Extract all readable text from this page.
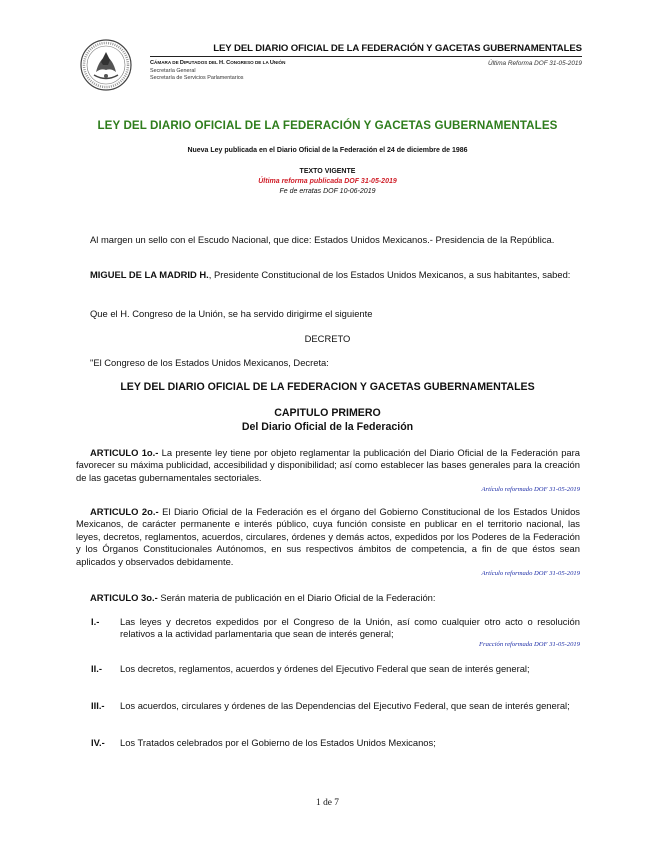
LEY DEL DIARIO OFICIAL DE LA FEDERACIÓN Y GACETAS GUBERNAMENTALES
CÁMARA DE DIPUTADOS DEL H. CONGRESO DE LA UNIÓN
Secretaría General
Secretaría de Servicios Parlamentarios
Última Reforma DOF 31-05-2019
LEY DEL DIARIO OFICIAL DE LA FEDERACIÓN Y GACETAS GUBERNAMENTALES
Nueva Ley publicada en el Diario Oficial de la Federación el 24 de diciembre de 1986
TEXTO VIGENTE
Última reforma publicada DOF 31-05-2019
Fe de erratas DOF 10-06-2019
Al margen un sello con el Escudo Nacional, que dice: Estados Unidos Mexicanos.- Presidencia de la República.
MIGUEL DE LA MADRID H., Presidente Constitucional de los Estados Unidos Mexicanos, a sus habitantes, sabed:
Que el H. Congreso de la Unión, se ha servido dirigirme el siguiente
DECRETO
"El Congreso de los Estados Unidos Mexicanos, Decreta:
LEY DEL DIARIO OFICIAL DE LA FEDERACION Y GACETAS GUBERNAMENTALES
CAPITULO PRIMERO
Del Diario Oficial de la Federación
ARTICULO 1o.- La presente ley tiene por objeto reglamentar la publicación del Diario Oficial de la Federación para favorecer su máxima publicidad, accesibilidad y disponibilidad; así como establecer las bases generales para la creación de las gacetas gubernamentales sectoriales.
Artículo reformado DOF 31-05-2019
ARTICULO 2o.- El Diario Oficial de la Federación es el órgano del Gobierno Constitucional de los Estados Unidos Mexicanos, de carácter permanente e interés público, cuya función consiste en publicar en el territorio nacional, las leyes, decretos, reglamentos, acuerdos, circulares, órdenes y demás actos, expedidos por los Poderes de la Federación y los Órganos Constitucionales Autónomos, en sus respectivos ámbitos de competencia, a fin de que éstos sean aplicados y observados debidamente.
Artículo reformado DOF 31-05-2019
ARTICULO 3o.- Serán materia de publicación en el Diario Oficial de la Federación:
I.- Las leyes y decretos expedidos por el Congreso de la Unión, así como cualquier otro acto o resolución relativos a la actividad parlamentaria que sean de interés general;
Fracción reformada DOF 31-05-2019
II.- Los decretos, reglamentos, acuerdos y órdenes del Ejecutivo Federal que sean de interés general;
III.- Los acuerdos, circulares y órdenes de las Dependencias del Ejecutivo Federal, que sean de interés general;
IV.- Los Tratados celebrados por el Gobierno de los Estados Unidos Mexicanos;
1 de 7
